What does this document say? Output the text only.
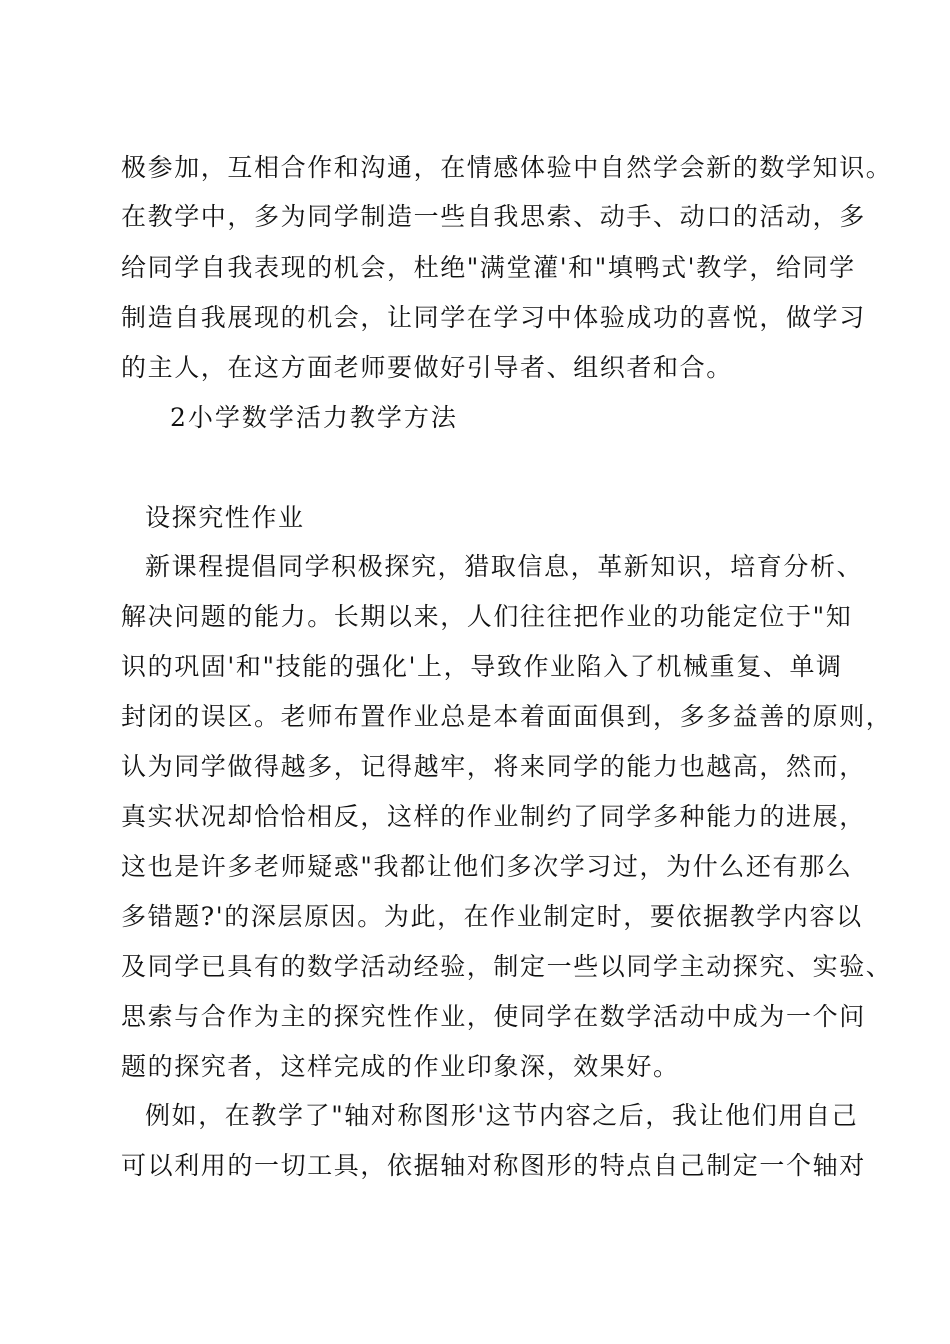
极参加，互相合作和沟通，在情感体验中自然学会新的数学知识。
在教学中，多为同学制造一些自我思索、动手、动口的活动，多
给同学自我表现的机会，杜绝"满堂灌'和"填鸭式'教学，给同学
制造自我展现的机会，让同学在学习中体验成功的喜悦，做学习
的主人，在这方面老师要做好引导者、组织者和合。
2小学数学活力教学方法
设探究性作业
新课程提倡同学积极探究，猎取信息，革新知识，培育分析、
解决问题的能力。长期以来，人们往往把作业的功能定位于"知
识的巩固'和"技能的强化'上，导致作业陷入了机械重复、单调
封闭的误区。老师布置作业总是本着面面俱到，多多益善的原则，
认为同学做得越多，记得越牢，将来同学的能力也越高，然而，
真实状况却恰恰相反，这样的作业制约了同学多种能力的进展，
这也是许多老师疑惑"我都让他们多次学习过，为什么还有那么
多错题?'的深层原因。为此，在作业制定时，要依据教学内容以
及同学已具有的数学活动经验，制定一些以同学主动探究、实验、
思索与合作为主的探究性作业，使同学在数学活动中成为一个问
题的探究者，这样完成的作业印象深，效果好。
例如，在教学了"轴对称图形'这节内容之后，我让他们用自己
可以利用的一切工具，依据轴对称图形的特点自己制定一个轴对
